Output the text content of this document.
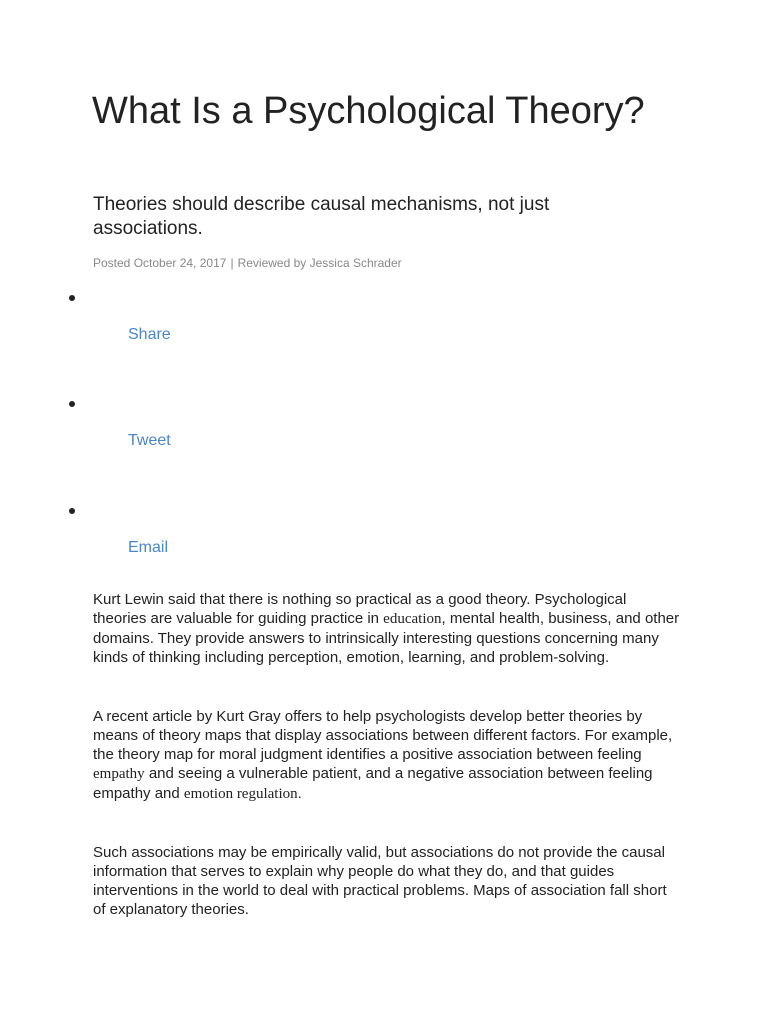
What Is a Psychological Theory?
Theories should describe causal mechanisms, not just associations.
Posted October 24, 2017 | Reviewed by Jessica Schrader
Share
Tweet
Email

Kurt Lewin said that there is nothing so practical as a good theory. Psychological theories are valuable for guiding practice in education, mental health, business, and other domains. They provide answers to intrinsically interesting questions concerning many kinds of thinking including perception, emotion, learning, and problem-solving.

A recent article by Kurt Gray offers to help psychologists develop better theories by means of theory maps that display associations between different factors. For example, the theory map for moral judgment identifies a positive association between feeling empathy and seeing a vulnerable patient, and a negative association between feeling empathy and emotion regulation.

Such associations may be empirically valid, but associations do not provide the causal information that serves to explain why people do what they do, and that guides interventions in the world to deal with practical problems. Maps of association fall short of explanatory theories.
